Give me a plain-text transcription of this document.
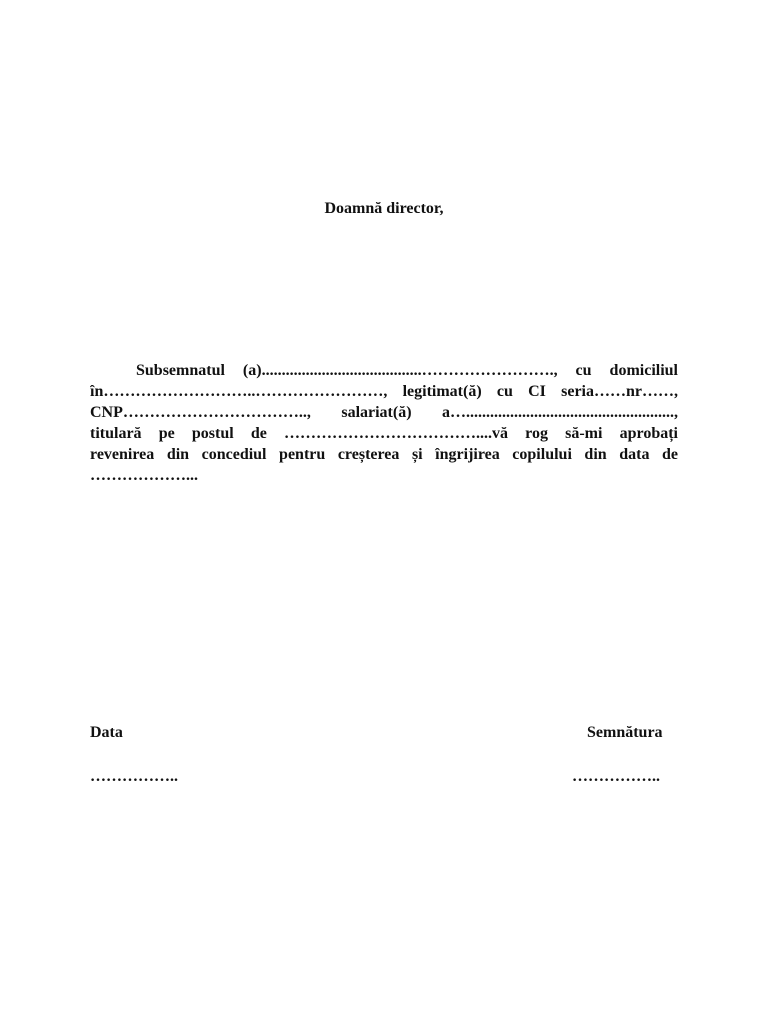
Doamnă director,
Subsemnatul (a)........................................……………………., cu domiciliul
în………………………..……………………, legitimat(ă) cu CI seria……nr……,
CNP…………………………….., salariat(ă) a…....................................................,
titulară pe postul de ………………………………....vă rog să-mi aprobați
revenirea din concediul pentru creșterea și îngrijirea copilului din data de
………………...
Data	Semnătura
……………..	……………..
